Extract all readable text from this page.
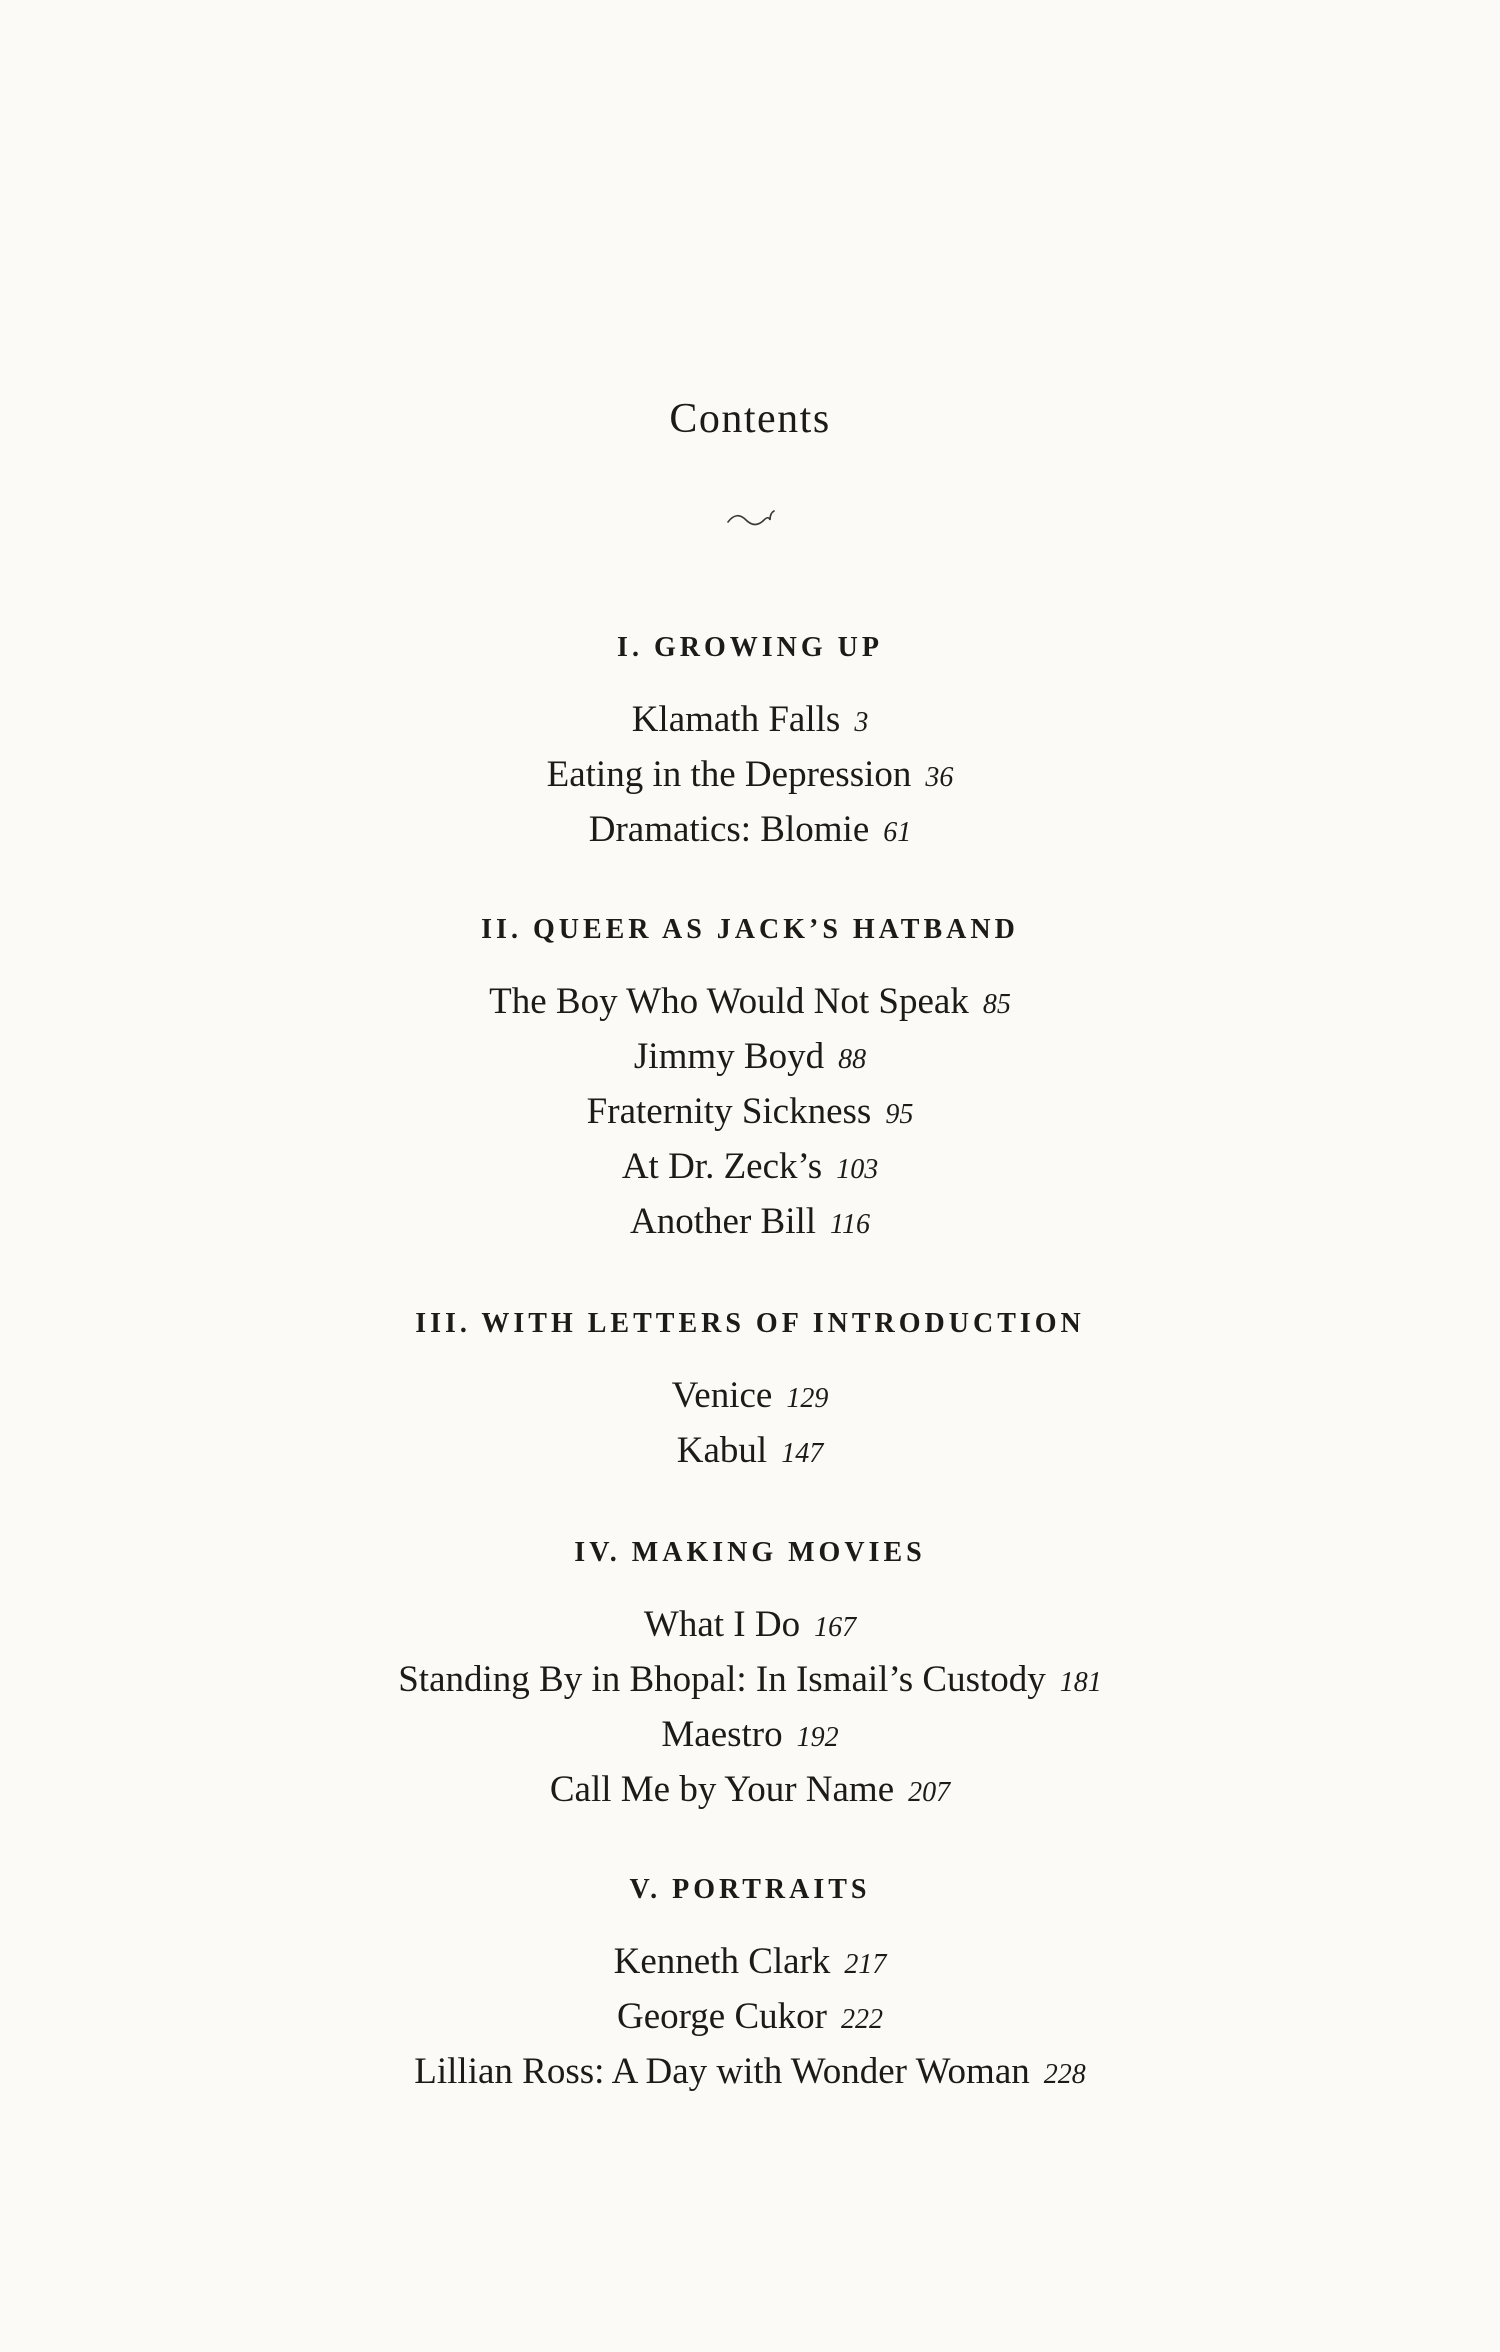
Contents
I. GROWING UP
Klamath Falls 3
Eating in the Depression 36
Dramatics: Blomie 61
II. QUEER AS JACK’S HATBAND
The Boy Who Would Not Speak 85
Jimmy Boyd 88
Fraternity Sickness 95
At Dr. Zeck’s 103
Another Bill 116
III. WITH LETTERS OF INTRODUCTION
Venice 129
Kabul 147
IV. MAKING MOVIES
What I Do 167
Standing By in Bhopal: In Ismail’s Custody 181
Maestro 192
Call Me by Your Name 207
V. PORTRAITS
Kenneth Clark 217
George Cukor 222
Lillian Ross: A Day with Wonder Woman 228
